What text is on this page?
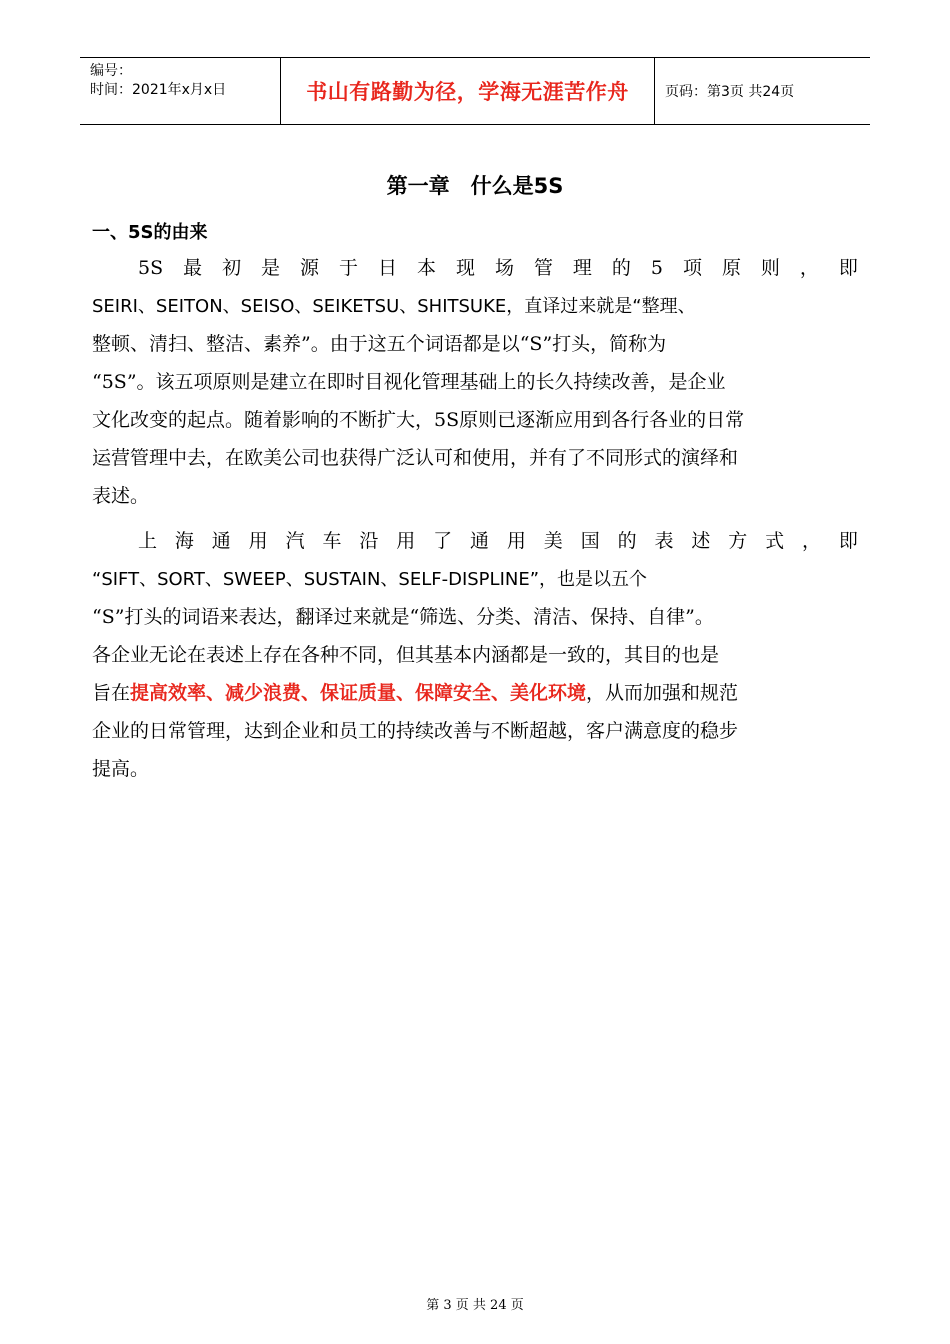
编号：
时间：2021年x月x日	书山有路勤为径，学海无涯苦作舟	页码：第3页 共24页
第一章　什么是5S
一、5S的由来
5S 最 初 是 源 于 日 本 现 场 管 理 的 5 项 原 则 ， 即
SEIRI、SEITON、SEISO、SEIKETSU、SHITSUKE，直译过来就是“整理、
整顿、清扫、整洁、素养”。由于这五个词语都是以“S”打头，简称为
“5S”。该五项原则是建立在即时目视化管理基础上的长久持续改善，是企业
文化改变的起点。随着影响的不断扩大，5S原则已逐渐应用到各行各业的日常
运营管理中去，在欧美公司也获得广泛认可和使用，并有了不同形式的演绎和
表述。
上 海 通 用 汽 车 沿 用 了 通 用 美 国 的 表 述 方 式 ， 即
“SIFT、SORT、SWEEP、SUSTAIN、SELF-DISPLINE”，也是以五个
“S”打头的词语来表达，翻译过来就是“筛选、分类、清洁、保持、自律”。
各企业无论在表述上存在各种不同，但其基本内涵都是一致的，其目的也是
旨在提高效率、减少浪费、保证质量、保障安全、美化环境，从而加强和规范
企业的日常管理，达到企业和员工的持续改善与不断超越，客户满意度的稳步
提高。
第 3 页 共 24 页
